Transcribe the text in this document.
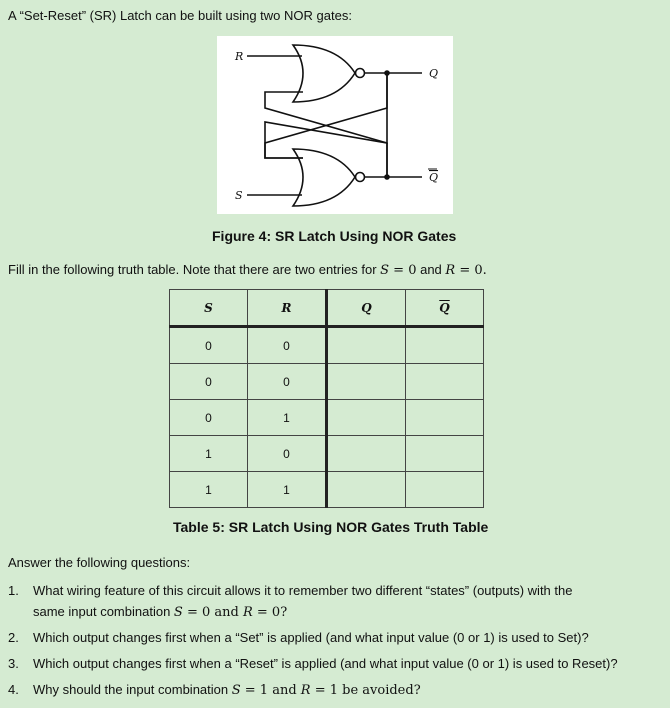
A “Set-Reset” (SR) Latch can be built using two NOR gates:
R
S
Q
Q
Figure 4: SR Latch Using NOR Gates
Fill in the following truth table. Note that there are two entries for S = 0 and R = 0.
S	R	Q	$\overline{Q}$
0	0		
0	0		
0	1		
1	0		
1	1		
Table 5: SR Latch Using NOR Gates Truth Table
Answer the following questions:
1. What wiring feature of this circuit allows it to remember two different “states” (outputs) with the
same input combination S = 0 and R = 0?
2. Which output changes first when a “Set” is applied (and what input value (0 or 1) is used to Set)?
3. Which output changes first when a “Reset” is applied (and what input value (0 or 1) is used to Reset)?
4. Why should the input combination S = 1 and R = 1 be avoided?
